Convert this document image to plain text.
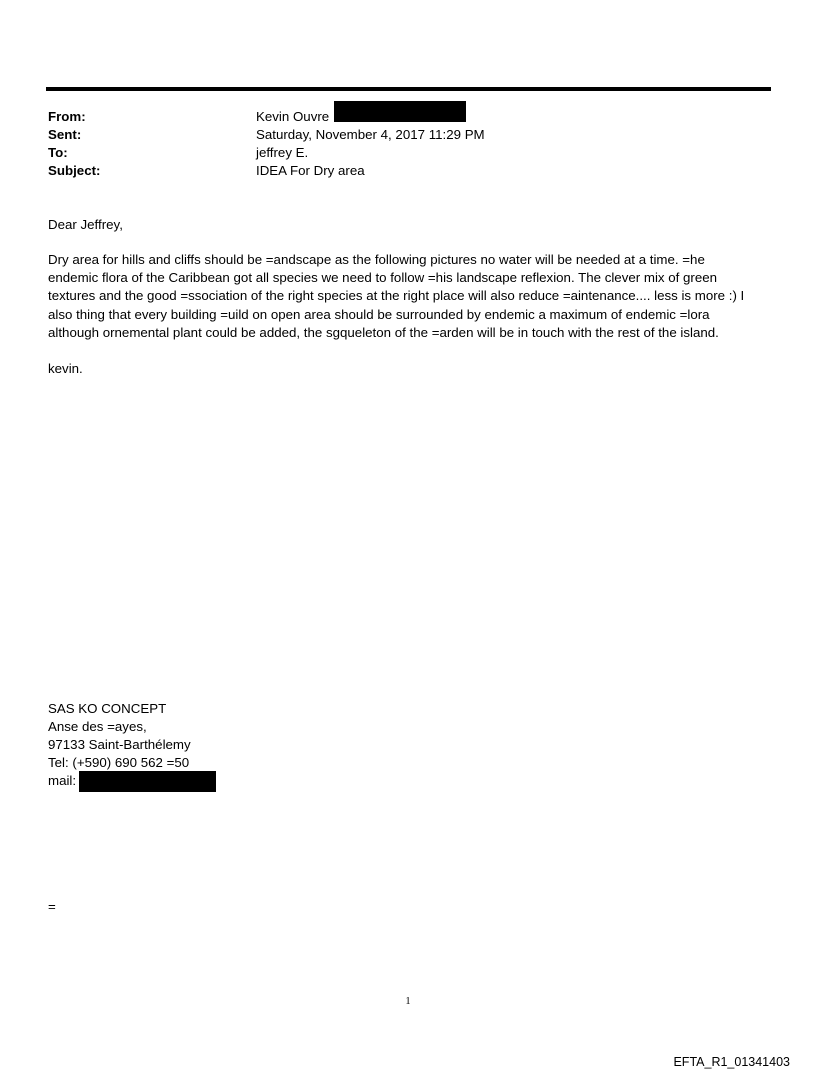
From:	Kevin Ouvre
Sent:	Saturday, November 4, 2017 11:29 PM
To:	jeffrey E.
Subject:	IDEA For Dry area
Dear Jeffrey,
Dry area for hills and cliffs should be =andscape as the following pictures no water will be needed at a time. =he
endemic flora of the Caribbean got all species we need to follow =his landscape reflexion. The clever mix of green
textures and the good =ssociation of the right species at the right place will also reduce =aintenance.... less is more :) I
also thing that every building =uild on open area should be surrounded by endemic a maximum of endemic =lora
although ornemental plant could be added, the sgqueleton of the =arden will be in touch with the rest of the island.
kevin.
SAS KO CONCEPT
Anse des =ayes,
97133 Saint-Barthélemy
Tel: (+590) 690 562 =50
mail:
=
1
EFTA_R1_01341403
